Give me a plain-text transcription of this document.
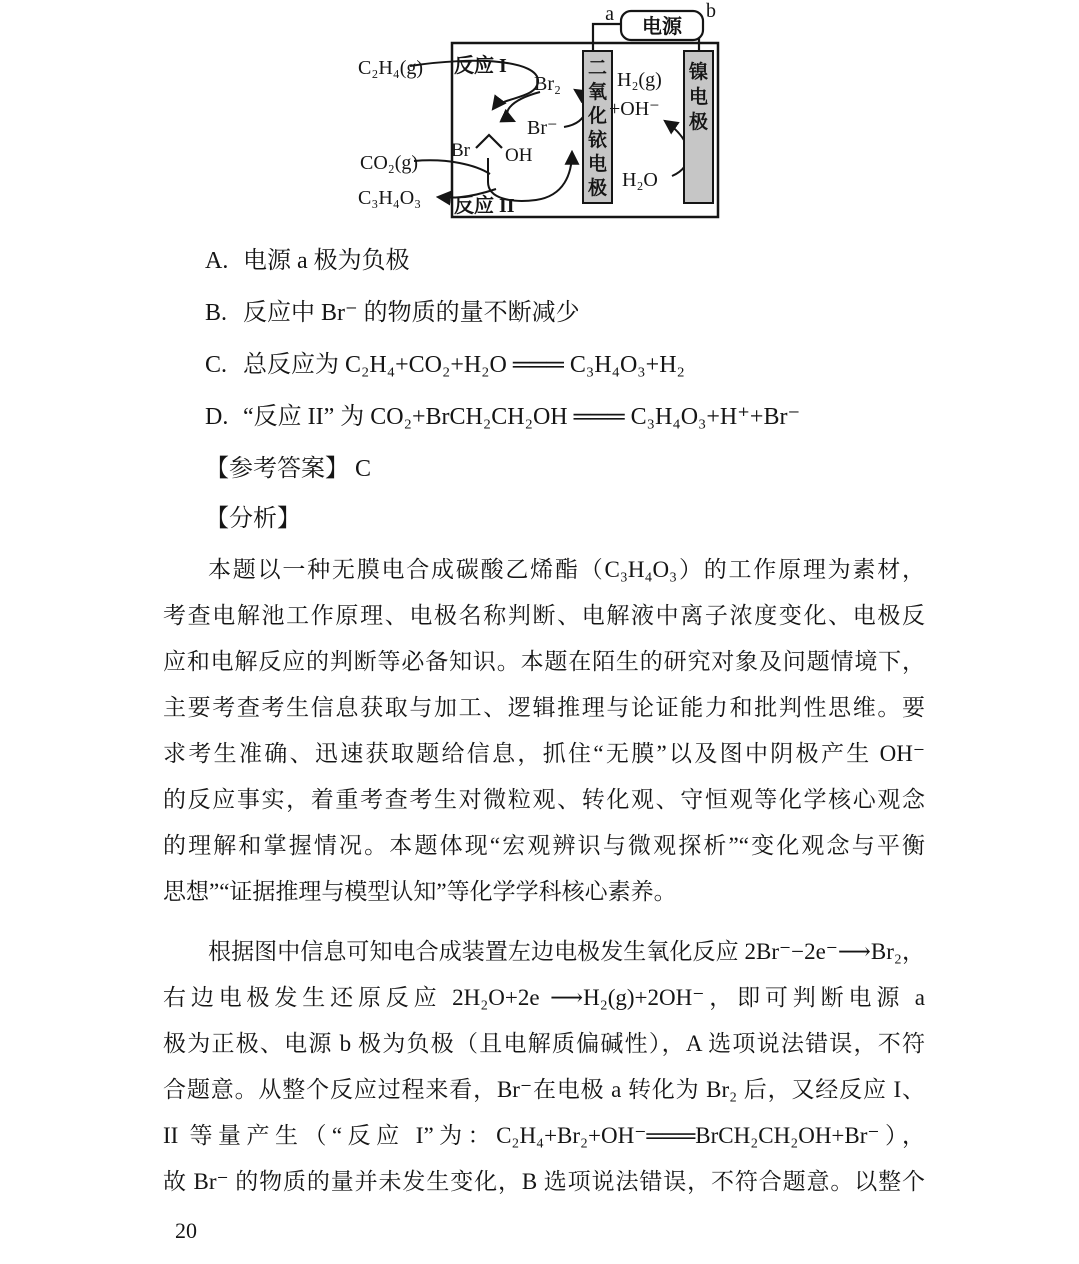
二
氧
化
铱
电
极
镍
电
极
电源
a	b
C₂H₄(g) 反应 I
Br₂
Br⁻
Br OH
CO₂(g)
C₃H₄O₃ 反应 II
H₂(g)
+OH⁻
H₂O
A. 电源 a 极为负极
B. 反应中 Br⁻ 的物质的量不断减少
C. 总反应为 C₂H₄+CO₂+H₂O ═══ C₃H₄O₃+H₂
D. “反应 II” 为 CO₂+BrCH₂CH₂OH ═══ C₃H₄O₃+H⁺+Br⁻
【参考答案】 C
【分析】
本题以一种无膜电合成碳酸乙烯酯（C₃H₄O₃）的工作原理为素材，
考查电解池工作原理、电极名称判断、电解液中离子浓度变化、电极反
应和电解反应的判断等必备知识。本题在陌生的研究对象及问题情境下，
主要考查考生信息获取与加工、逻辑推理与论证能力和批判性思维。要
求考生准确、迅速获取题给信息，抓住“无膜”以及图中阴极产生 OH⁻
的反应事实，着重考查考生对微粒观、转化观、守恒观等化学核心观念
的理解和掌握情况。本题体现“宏观辨识与微观探析”“变化观念与平衡
思想”“证据推理与模型认知”等化学学科核心素养。
根据图中信息可知电合成装置左边电极发生氧化反应 2Br⁻−2e⁻⟶Br₂，
右边电极发生还原反应 2H₂O+2e ⟶H₂(g)+2OH⁻，即可判断电源 a
极为正极、电源 b 极为负极（且电解质偏碱性），A 选项说法错误，不符
合题意。从整个反应过程来看，Br⁻在电极 a 转化为 Br₂ 后，又经反应 I、
II 等量产生（“反应 I”为：C₂H₄+Br₂+OH⁻═══BrCH₂CH₂OH+Br⁻），
故 Br⁻ 的物质的量并未发生变化，B 选项说法错误，不符合题意。以整个
20
